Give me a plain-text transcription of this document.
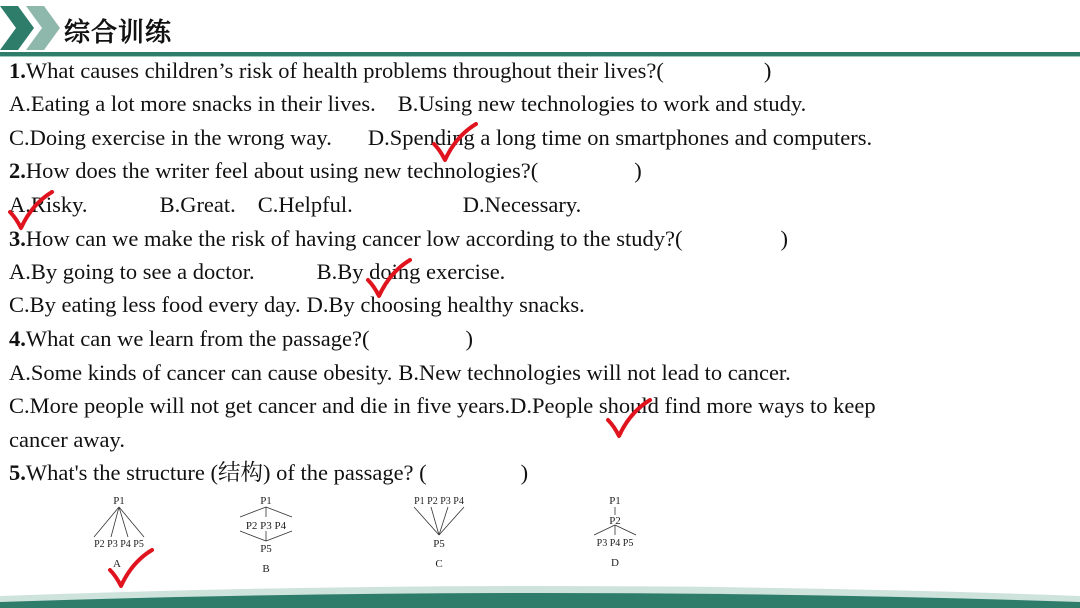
综合训练
1.What causes children’s risk of health problems throughout their lives?(	)
A.Eating a lot more snacks in their lives. B.Using new technologies to work and study.
C.Doing exercise in the wrong way. D.Spending a long time on smartphones and computers.
2.How does the writer feel about using new technologies?(	)
A.Risky.	B.Great. C.Helpful.	D.Necessary.
3.How can we make the risk of having cancer low according to the study?(	)
A.By going to see a doctor.	B.By doing exercise.
C.By eating less food every day. D.By choosing healthy snacks.
4.What can we learn from the passage?(	)
A.Some kinds of cancer can cause obesity. B.New technologies will not lead to cancer.
C.More people will not get cancer and die in five years.D.People should find more ways to keep
cancer away.
5.What's the structure (结构) of the passage? (	)
P1
P2 P3 P4 P5
A
P1
P2 P3 P4
P5
B
P1 P2 P3 P4
P5
C
P1
P2
P3 P4 P5
D
